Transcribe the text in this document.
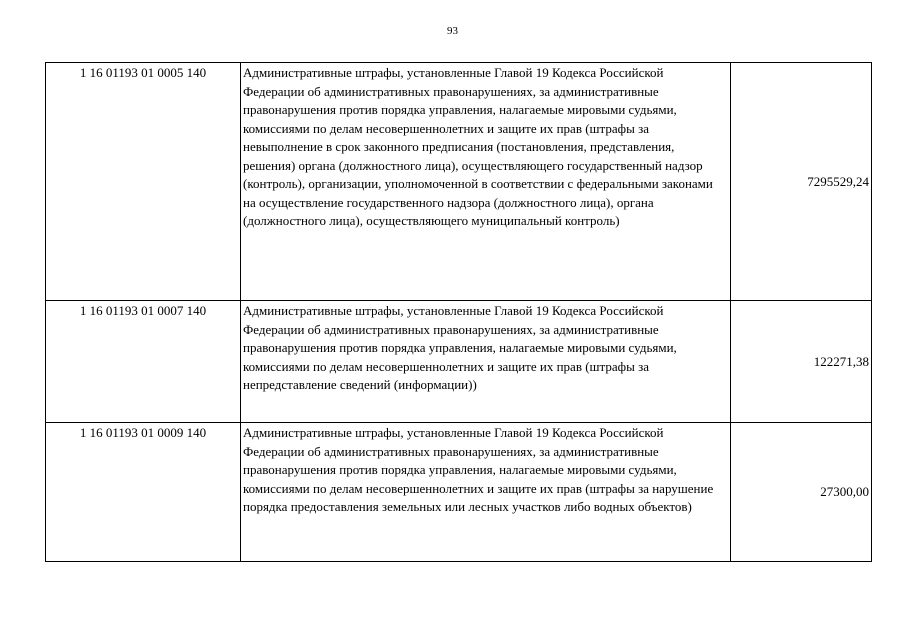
93
1 16 01193 01 0005 140	Административные штрафы, установленные Главой 19 Кодекса Российской Федерации об административных правонарушениях, за административные правонарушения против порядка управления, налагаемые мировыми судьями, комиссиями по делам несовершеннолетних и защите их прав (штрафы за невыполнение в срок законного предписания (постановления, представления, решения) органа (должностного лица), осуществляющего государственный надзор (контроль), организации, уполномоченной в соответствии с федеральными законами на осуществление государственного надзора (должностного лица), органа (должностного лица), осуществляющего муниципальный контроль)	7295529,24
1 16 01193 01 0007 140	Административные штрафы, установленные Главой 19 Кодекса Российской Федерации об административных правонарушениях, за административные правонарушения против порядка управления, налагаемые мировыми судьями, комиссиями по делам несовершеннолетних и защите их прав (штрафы за непредставление сведений (информации))	122271,38
1 16 01193 01 0009 140	Административные штрафы, установленные Главой 19 Кодекса Российской Федерации об административных правонарушениях, за административные правонарушения против порядка управления, налагаемые мировыми судьями, комиссиями по делам несовершеннолетних и защите их прав (штрафы за нарушение порядка предоставления земельных или лесных участков либо водных объектов)	27300,00
